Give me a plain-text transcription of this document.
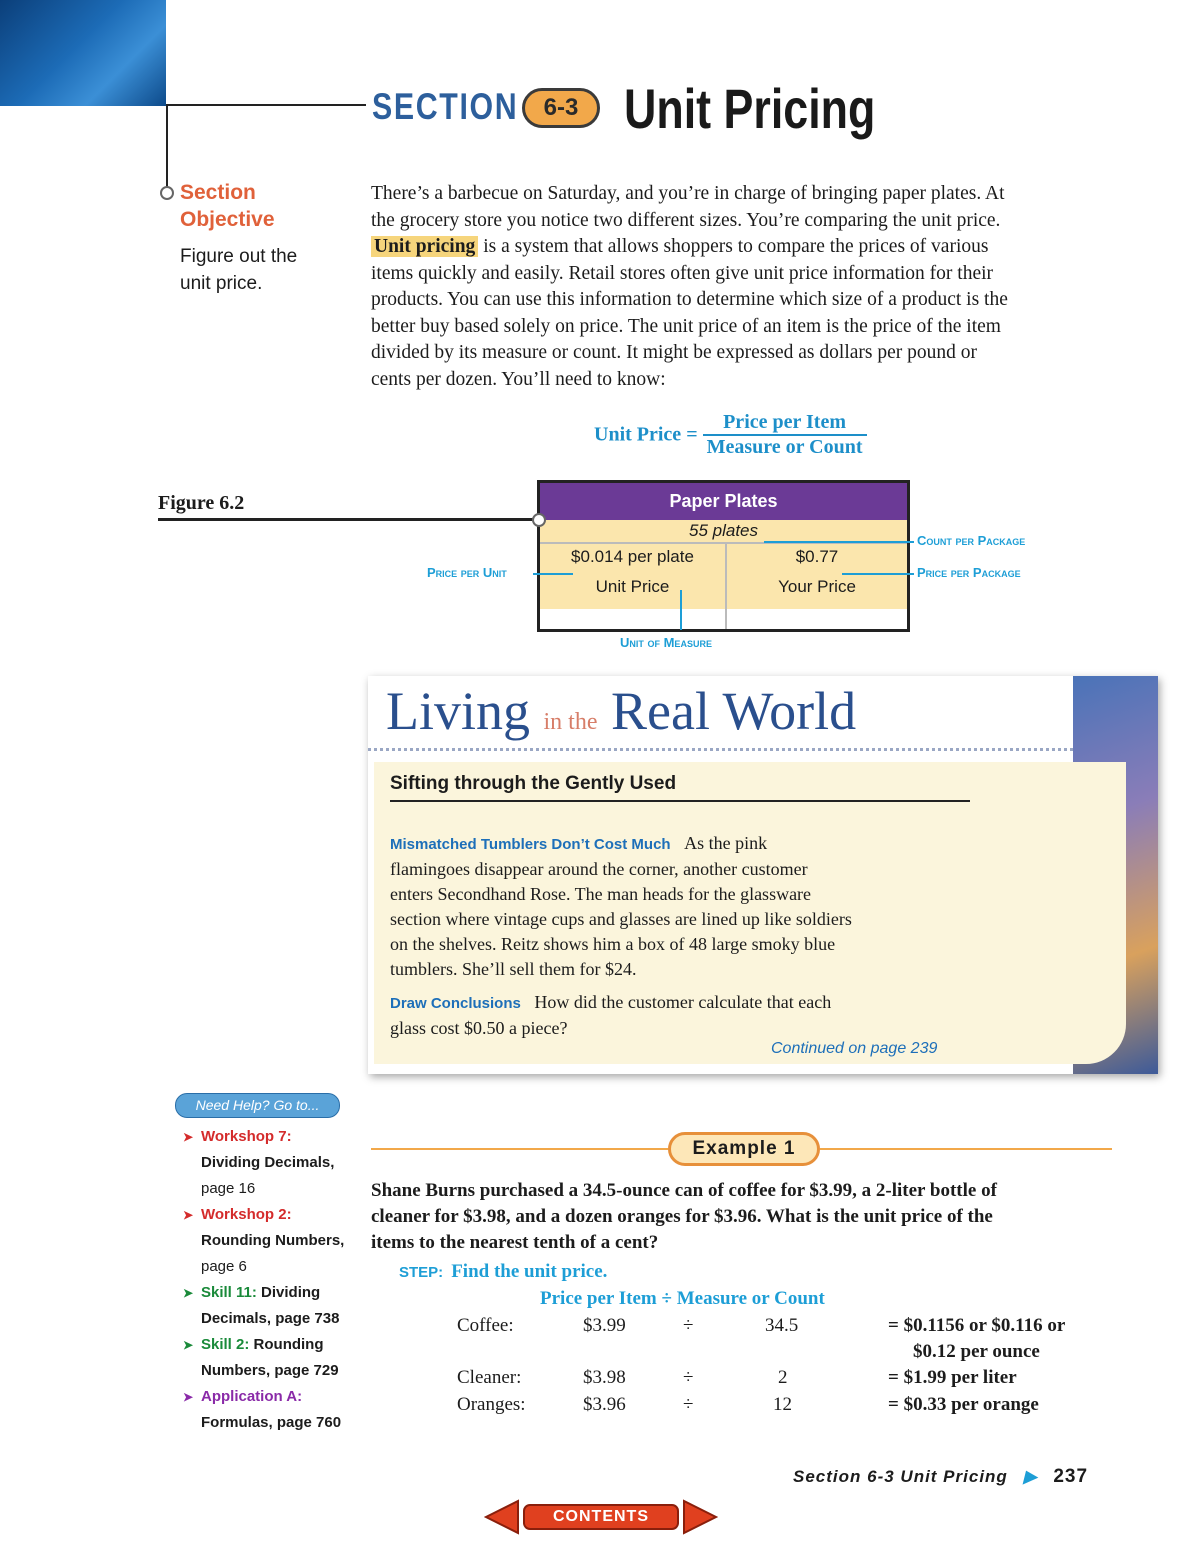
SECTION	6-3 Unit Pricing
Section
Objective
Figure out the
unit price.
There’s a barbecue on Saturday, and you’re in charge of bringing paper plates. At
the grocery store you notice two different sizes. You’re comparing the unit price.
Unit pricing is a system that allows shoppers to compare the prices of various
items quickly and easily. Retail stores often give unit price information for their
products. You can use this information to determine which size of a product is the
better buy based solely on price. The unit price of an item is the price of the item
divided by its measure or count. It might be expressed as dollars per pound or
cents per dozen. You’ll need to know:
Unit Price = $\frac{\text{Price per Item}}{\text{Measure or Count}}$
Figure 6.2	Paper Plates
55 plates
$0.014 per plate
Unit Price
$0.77
Your Price
Count per Package
Price per Package
Price per Unit
Unit of Measure
Living in the Real World
Sifting through the Gently Used
Mismatched Tumblers Don’t Cost Much As the pink
flamingoes disappear around the corner, another customer
enters Secondhand Rose. The man heads for the glassware
section where vintage cups and glasses are lined up like soldiers
on the shelves. Reitz shows him a box of 48 large smoky blue
tumblers. She’ll sell them for $24.
Draw Conclusions How did the customer calculate that each
glass cost $0.50 a piece?
Continued on page 239
Need Help? Go to...
➤ Workshop 7:
Dividing Decimals,
page 16
➤ Workshop 2:
Rounding Numbers,
page 6
➤ Skill 11: Dividing
Decimals, page 738
➤ Skill 2: Rounding
Numbers, page 729
➤ Application A:
Formulas, page 760
Example 1
Shane Burns purchased a 34.5-ounce can of coffee for $3.99, a 2-liter bottle of
cleaner for $3.98, and a dozen oranges for $3.96. What is the unit price of the
items to the nearest tenth of a cent?
STEP: Find the unit price.
Price per Item ÷ Measure or Count
Coffee:	$3.99	÷	34.5	= $0.1156 or $0.116 or
$0.12 per ounce
Cleaner:	$3.98	÷	2	= $1.99 per liter
Oranges:	$3.96	÷	12	= $0.33 per orange
Section 6-3 Unit Pricing ▶ 237
CONTENTS
